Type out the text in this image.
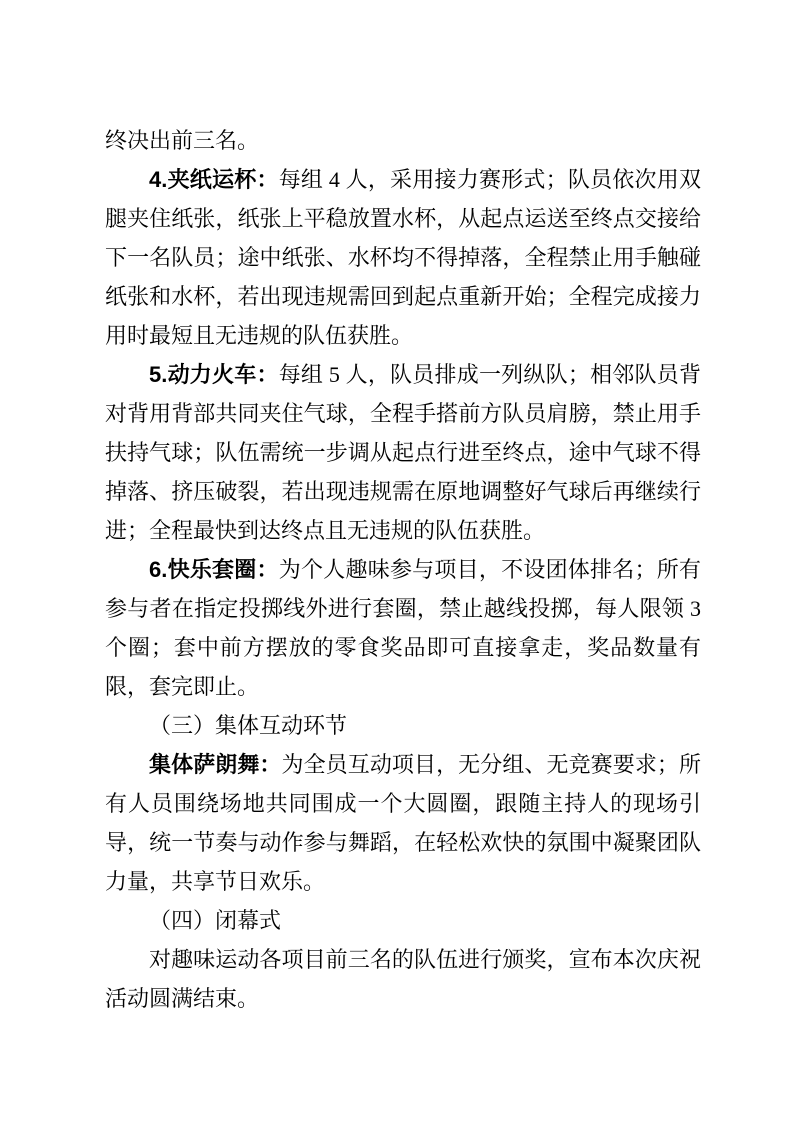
终决出前三名。

4.夹纸运杯：每组 4 人，采用接力赛形式；队员依次用双腿夹住纸张，纸张上平稳放置水杯，从起点运送至终点交接给下一名队员；途中纸张、水杯均不得掉落，全程禁止用手触碰纸张和水杯，若出现违规需回到起点重新开始；全程完成接力用时最短且无违规的队伍获胜。

5.动力火车：每组 5 人，队员排成一列纵队；相邻队员背对背用背部共同夹住气球，全程手搭前方队员肩膀，禁止用手扶持气球；队伍需统一步调从起点行进至终点，途中气球不得掉落、挤压破裂，若出现违规需在原地调整好气球后再继续行进；全程最快到达终点且无违规的队伍获胜。

6.快乐套圈：为个人趣味参与项目，不设团体排名；所有参与者在指定投掷线外进行套圈，禁止越线投掷，每人限领 3 个圈；套中前方摆放的零食奖品即可直接拿走，奖品数量有限，套完即止。

（三）集体互动环节

集体萨朗舞：为全员互动项目，无分组、无竞赛要求；所有人员围绕场地共同围成一个大圆圈，跟随主持人的现场引导，统一节奏与动作参与舞蹈，在轻松欢快的氛围中凝聚团队力量，共享节日欢乐。

（四）闭幕式

对趣味运动各项目前三名的队伍进行颁奖，宣布本次庆祝活动圆满结束。
